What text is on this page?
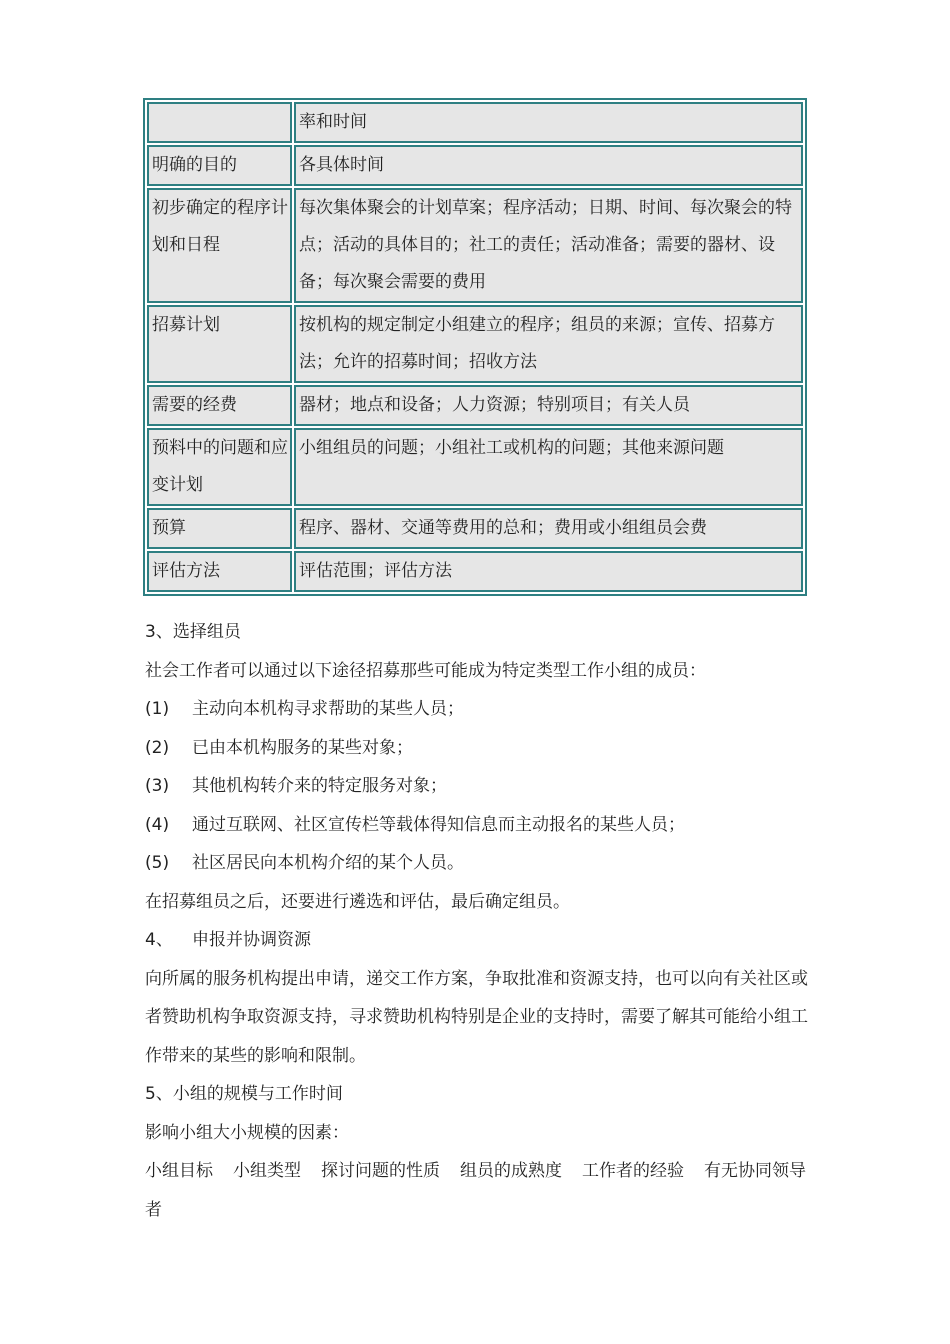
	率和时间
明确的目的	各具体时间
初步确定的程序计划和日程	每次集体聚会的计划草案；程序活动；日期、时间、每次聚会的特点；活动的具体目的；社工的责任；活动准备；需要的器材、设备；每次聚会需要的费用
招募计划	按机构的规定制定小组建立的程序；组员的来源；宣传、招募方法；允许的招募时间；招收方法
需要的经费	器材；地点和设备；人力资源；特别项目；有关人员
预料中的问题和应变计划	小组组员的问题；小组社工或机构的问题；其他来源问题
预算	程序、器材、交通等费用的总和；费用或小组组员会费
评估方法	评估范围；评估方法

3、选择组员

社会工作者可以通过以下途径招募那些可能成为特定类型工作小组的成员：

(1) 主动向本机构寻求帮助的某些人员；

(2) 已由本机构服务的某些对象；

(3) 其他机构转介来的特定服务对象；

(4) 通过互联网、社区宣传栏等载体得知信息而主动报名的某些人员；

(5) 社区居民向本机构介绍的某个人员。

在招募组员之后，还要进行遴选和评估，最后确定组员。

4、 申报并协调资源

向所属的服务机构提出申请，递交工作方案，争取批准和资源支持，也可以向有关社区或者赞助机构争取资源支持，寻求赞助机构特别是企业的支持时，需要了解其可能给小组工作带来的某些的影响和限制。

5、小组的规模与工作时间

影响小组大小规模的因素：

小组目标 小组类型 探讨问题的性质 组员的成熟度 工作者的经验 有无协同领导者
